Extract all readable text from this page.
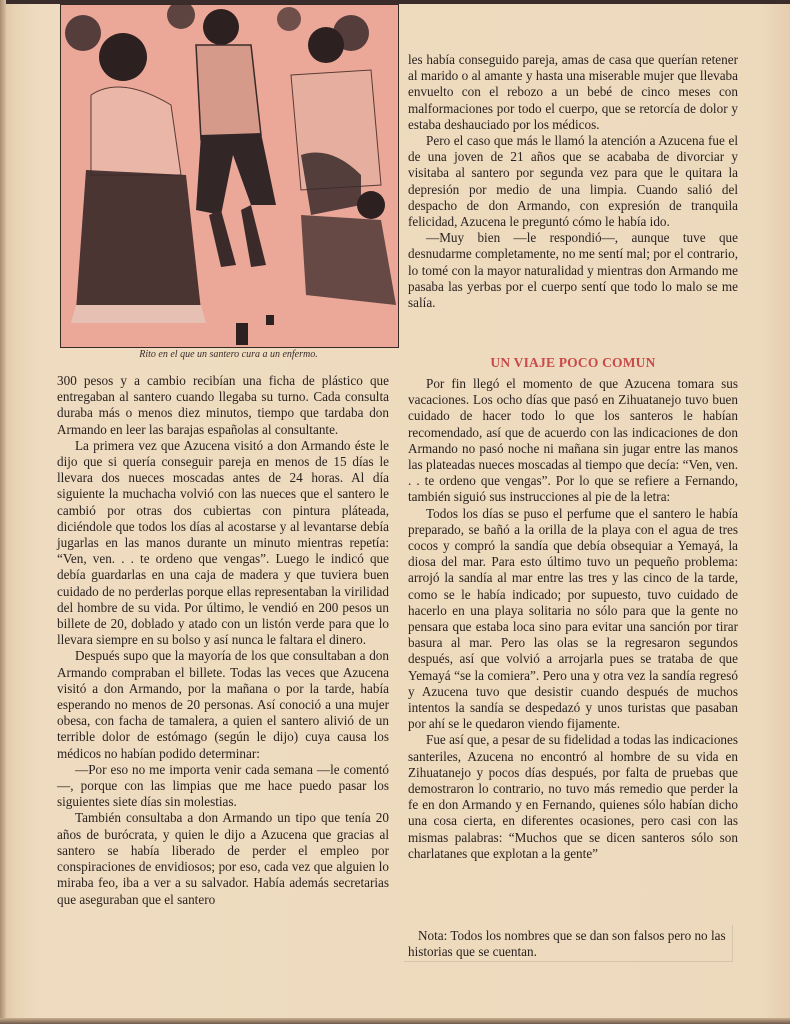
Rito en el que un santero cura a un enfermo.

300 pesos y a cambio recibían una ficha de plástico que entregaban al santero cuando llegaba su turno. Cada consulta duraba más o menos diez minutos, tiempo que tardaba don Armando en leer las barajas españolas al consultante.

La primera vez que Azucena visitó a don Armando éste le dijo que si quería conseguir pareja en menos de 15 días le llevara dos nueces moscadas antes de 24 horas. Al día siguiente la muchacha volvió con las nueces que el santero le cambió por otras dos cubiertas con pintura pláteada, diciéndole que todos los días al acostarse y al levantarse debía jugarlas en las manos durante un minuto mientras repetía: “Ven, ven. . . te ordeno que vengas”. Luego le indicó que debía guardarlas en una caja de madera y que tuviera buen cuidado de no perderlas porque ellas representaban la virilidad del hombre de su vida. Por último, le vendió en 200 pesos un billete de 20, doblado y atado con un listón verde para que lo llevara siempre en su bolso y así nunca le faltara el dinero.

Después supo que la mayoría de los que consultaban a don Armando compraban el billete. Todas las veces que Azucena visitó a don Armando, por la mañana o por la tarde, había esperando no menos de 20 personas. Así conoció a una mujer obesa, con facha de tamalera, a quien el santero alivió de un terrible dolor de estómago (según le dijo) cuya causa los médicos no habían podido determinar:

—Por eso no me importa venir cada semana —le comentó—, porque con las limpias que me hace puedo pasar los siguientes siete días sin molestias.

También consultaba a don Armando un tipo que tenía 20 años de burócrata, y quien le dijo a Azucena que gracias al santero se había liberado de perder el empleo por conspiraciones de envidiosos; por eso, cada vez que alguien lo miraba feo, iba a ver a su salvador. Había además secretarias que aseguraban que el santero

les había conseguido pareja, amas de casa que querían retener al marido o al amante y hasta una miserable mujer que llevaba envuelto con el rebozo a un bebé de cinco meses con malformaciones por todo el cuerpo, que se retorcía de dolor y estaba deshauciado por los médicos.

Pero el caso que más le llamó la atención a Azucena fue el de una joven de 21 años que se acababa de divorciar y visitaba al santero por segunda vez para que le quitara la depresión por medio de una limpia. Cuando salió del despacho de don Armando, con expresión de tranquila felicidad, Azucena le preguntó cómo le había ido.

—Muy bien —le respondió—, aunque tuve que desnudarme completamente, no me sentí mal; por el contrario, lo tomé con la mayor naturalidad y mientras don Armando me pasaba las yerbas por el cuerpo sentí que todo lo malo se me salía.

UN VIAJE POCO COMUN

Por fin llegó el momento de que Azucena tomara sus vacaciones. Los ocho días que pasó en Zihuatanejo tuvo buen cuidado de hacer todo lo que los santeros le habían recomendado, así que de acuerdo con las indicaciones de don Armando no pasó noche ni mañana sin jugar entre las manos las plateadas nueces moscadas al tiempo que decía: “Ven, ven. . . te ordeno que vengas”. Por lo que se refiere a Fernando, también siguió sus instrucciones al pie de la letra:

Todos los días se puso el perfume que el santero le había preparado, se bañó a la orilla de la playa con el agua de tres cocos y compró la sandía que debía obsequiar a Yemayá, la diosa del mar. Para esto último tuvo un pequeño problema: arrojó la sandía al mar entre las tres y las cinco de la tarde, como se le había indicado; por supuesto, tuvo cuidado de hacerlo en una playa solitaria no sólo para que la gente no pensara que estaba loca sino para evitar una sanción por tirar basura al mar. Pero las olas se la regresaron segundos después, así que volvió a arrojarla pues se trataba de que Yemayá “se la comiera”. Pero una y otra vez la sandía regresó y Azucena tuvo que desistir cuando después de muchos intentos la sandía se despedazó y unos turistas que pasaban por ahí se le quedaron viendo fijamente.

Fue así que, a pesar de su fidelidad a todas las indicaciones santeriles, Azucena no encontró al hombre de su vida en Zihuatanejo y pocos días después, por falta de pruebas que demostraron lo contrario, no tuvo más remedio que perder la fe en don Armando y en Fernando, quienes sólo habían dicho una cosa cierta, en diferentes ocasiones, pero casi con las mismas palabras: “Muchos que se dicen santeros sólo son charlatanes que explotan a la gente”

Nota: Todos los nombres que se dan son falsos pero no las historias que se cuentan.
